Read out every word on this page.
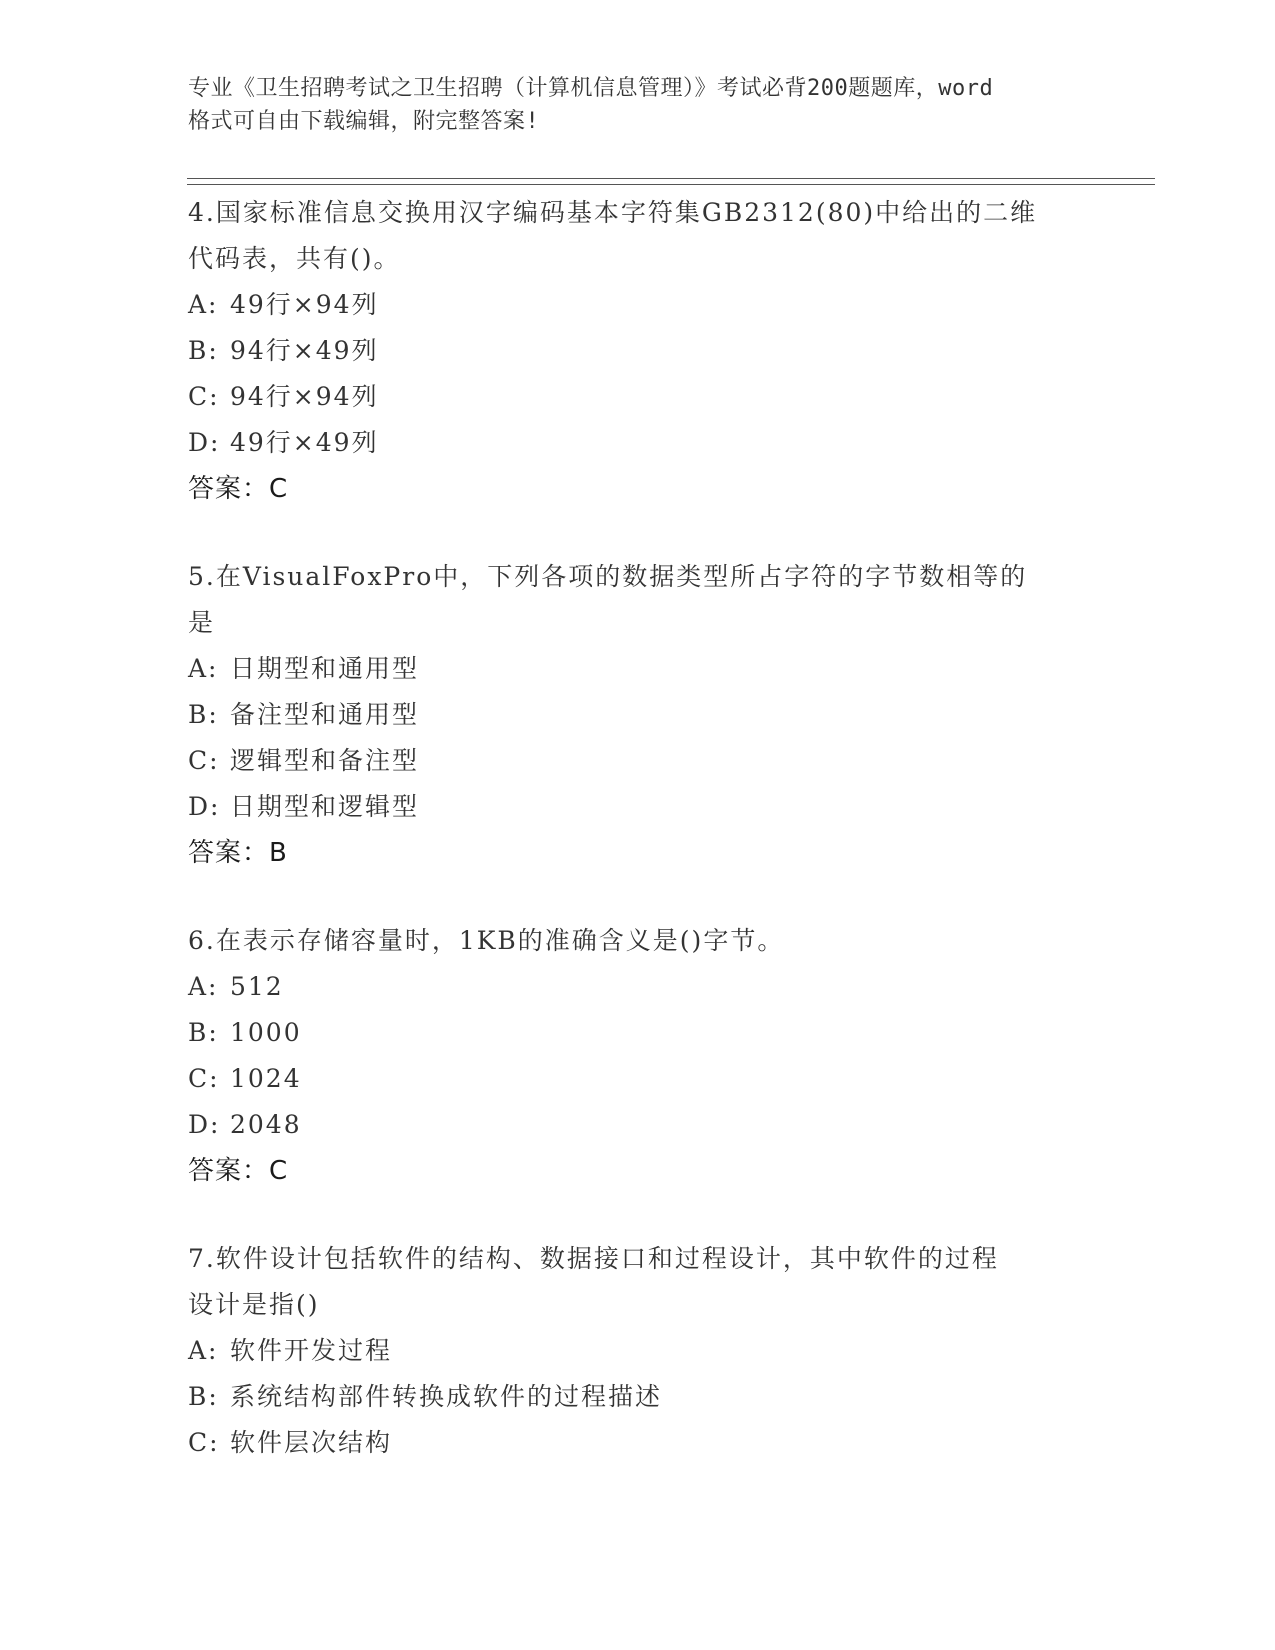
专业《卫生招聘考试之卫生招聘（计算机信息管理）》考试必背200题题库，word
格式可自由下载编辑，附完整答案!
4.国家标准信息交换用汉字编码基本字符集GB2312(80)中给出的二维
代码表，共有()。
A: 49行×94列
B: 94行×49列
C: 94行×94列
D: 49行×49列
答案：C
5.在VisualFoxPro中，下列各项的数据类型所占字符的字节数相等的
是
A: 日期型和通用型
B: 备注型和通用型
C: 逻辑型和备注型
D: 日期型和逻辑型
答案：B
6.在表示存储容量时，1KB的准确含义是()字节。
A: 512
B: 1000
C: 1024
D: 2048
答案：C
7.软件设计包括软件的结构、数据接口和过程设计，其中软件的过程
设计是指()
A: 软件开发过程
B: 系统结构部件转换成软件的过程描述
C: 软件层次结构
